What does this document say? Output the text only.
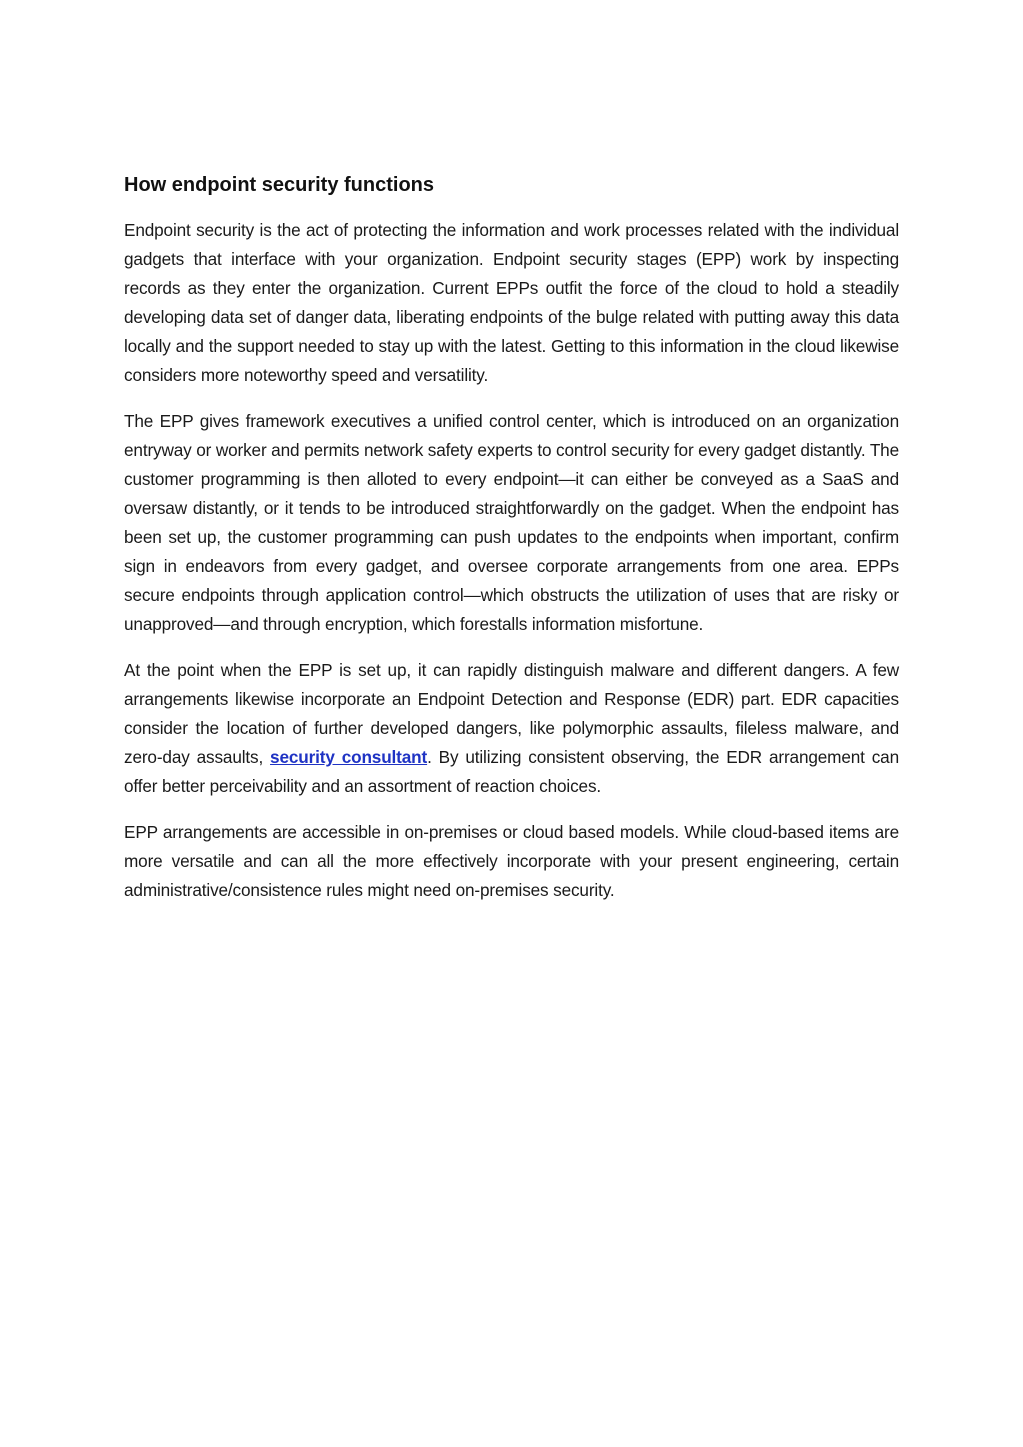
How endpoint security functions

Endpoint security is the act of protecting the information and work processes related with the individual gadgets that interface with your organization. Endpoint security stages (EPP) work by inspecting records as they enter the organization. Current EPPs outfit the force of the cloud to hold a steadily developing data set of danger data, liberating endpoints of the bulge related with putting away this data locally and the support needed to stay up with the latest. Getting to this information in the cloud likewise considers more noteworthy speed and versatility.

The EPP gives framework executives a unified control center, which is introduced on an organization entryway or worker and permits network safety experts to control security for every gadget distantly. The customer programming is then alloted to every endpoint—it can either be conveyed as a SaaS and oversaw distantly, or it tends to be introduced straightforwardly on the gadget. When the endpoint has been set up, the customer programming can push updates to the endpoints when important, confirm sign in endeavors from every gadget, and oversee corporate arrangements from one area. EPPs secure endpoints through application control—which obstructs the utilization of uses that are risky or unapproved—and through encryption, which forestalls information misfortune.

At the point when the EPP is set up, it can rapidly distinguish malware and different dangers. A few arrangements likewise incorporate an Endpoint Detection and Response (EDR) part. EDR capacities consider the location of further developed dangers, like polymorphic assaults, fileless malware, and zero-day assaults, security consultant. By utilizing consistent observing, the EDR arrangement can offer better perceivability and an assortment of reaction choices.

EPP arrangements are accessible in on-premises or cloud based models. While cloud-based items are more versatile and can all the more effectively incorporate with your present engineering, certain administrative/consistence rules might need on-premises security.
